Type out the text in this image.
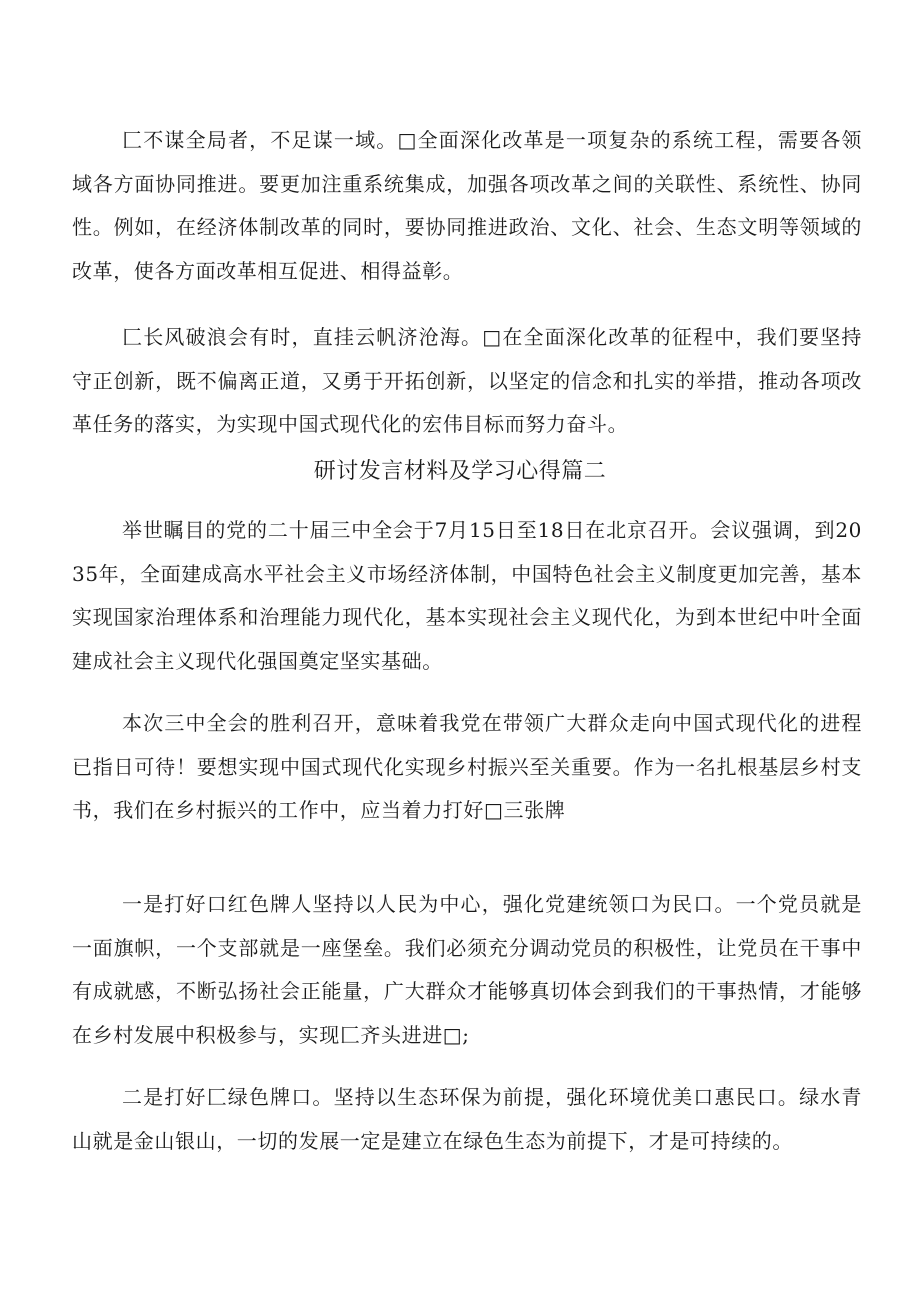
匚不谋全局者，不足谋一域。□全面深化改革是一项复杂的系统工程，需要各领域各方面协同推进。要更加注重系统集成，加强各项改革之间的关联性、系统性、协同性。例如，在经济体制改革的同时，要协同推进政治、文化、社会、生态文明等领域的改革，使各方面改革相互促进、相得益彰。

匚长风破浪会有时，直挂云帆济沧海。□在全面深化改革的征程中，我们要坚持守正创新，既不偏离正道，又勇于开拓创新，以坚定的信念和扎实的举措，推动各项改革任务的落实，为实现中国式现代化的宏伟目标而努力奋斗。

研讨发言材料及学习心得篇二

举世瞩目的党的二十届三中全会于7月15日至18日在北京召开。会议强调，到2035年，全面建成高水平社会主义市场经济体制，中国特色社会主义制度更加完善，基本实现国家治理体系和治理能力现代化，基本实现社会主义现代化，为到本世纪中叶全面建成社会主义现代化强国奠定坚实基础。

本次三中全会的胜利召开，意味着我党在带领广大群众走向中国式现代化的进程已指日可待！要想实现中国式现代化实现乡村振兴至关重要。作为一名扎根基层乡村支书，我们在乡村振兴的工作中，应当着力打好□三张牌

一是打好口红色牌人坚持以人民为中心，强化党建统领口为民口。一个党员就是一面旗帜，一个支部就是一座堡垒。我们必须充分调动党员的积极性，让党员在干事中有成就感，不断弘扬社会正能量，广大群众才能够真切体会到我们的干事热情，才能够在乡村发展中积极参与，实现匚齐头进进□;

二是打好匚绿色牌口。坚持以生态环保为前提，强化环境优美口惠民口。绿水青山就是金山银山，一切的发展一定是建立在绿色生态为前提下，才是可持续的。
